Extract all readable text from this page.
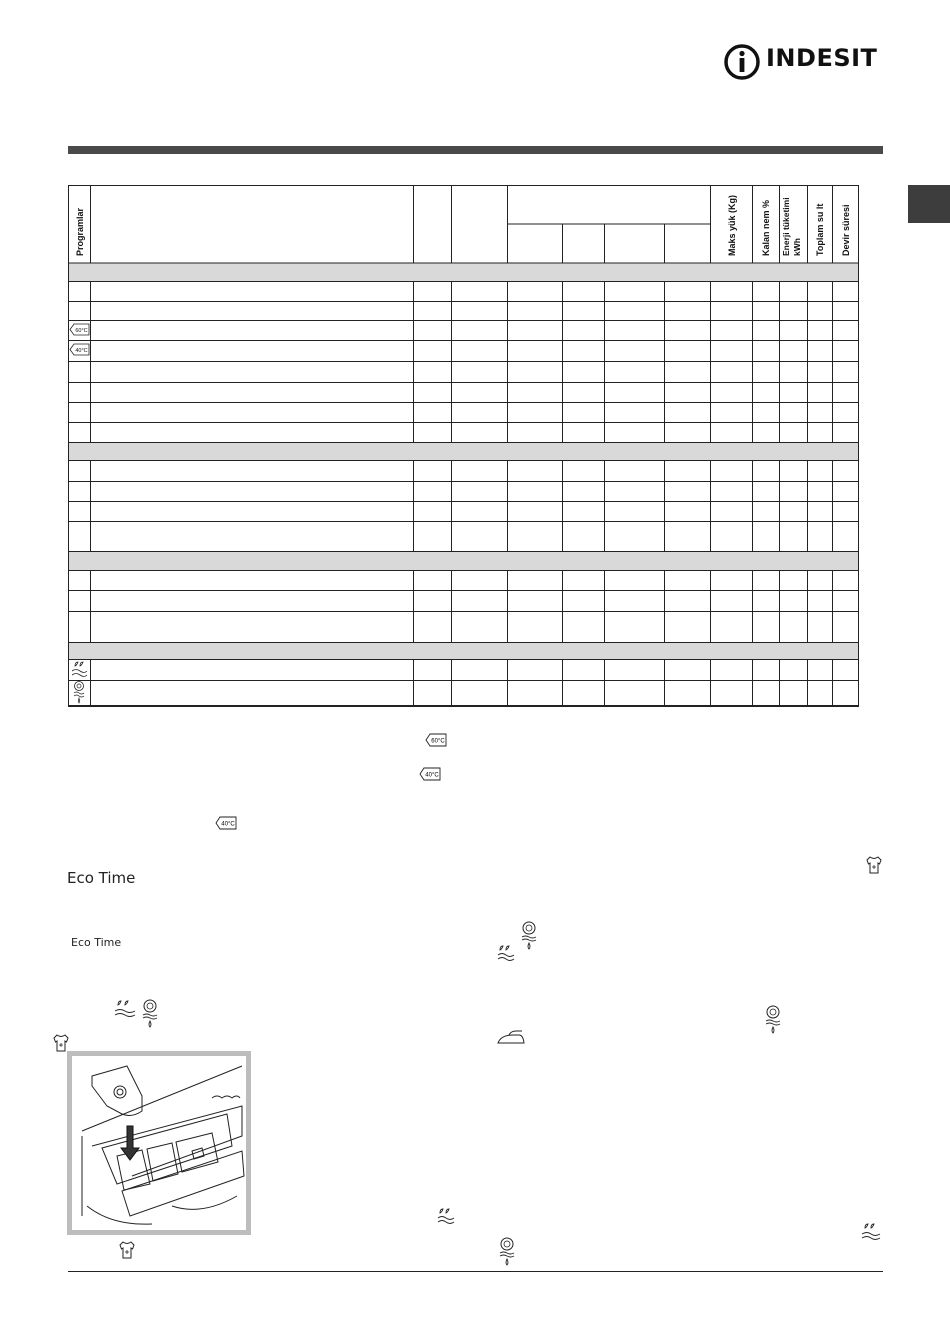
INDESIT
Programlar	Maks yük (Kg)	Kalan nem % Enerji tüketimi kWh Toplam su lt Devir süresi
60°C
40°C
60°C
40°C
40°C
Eco Time
Eco Time
